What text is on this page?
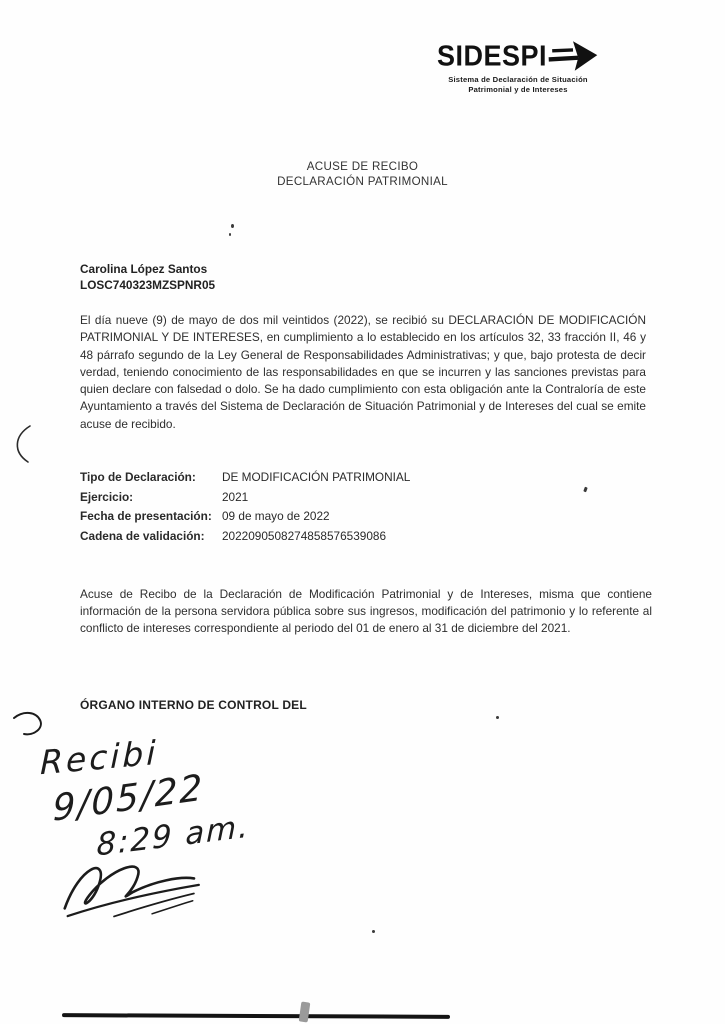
SIDESPI
Sistema de Declaración de Situación
Patrimonial y de Intereses
ACUSE DE RECIBO
DECLARACIÓN PATRIMONIAL
Carolina López Santos
LOSC740323MZSPNR05

El día nueve (9) de mayo de dos mil veintidos (2022), se recibió su DECLARACIÓN DE MODIFICACIÓN PATRIMONIAL Y DE INTERESES, en cumplimiento a lo establecido en los artículos 32, 33 fracción II, 46 y 48 párrafo segundo de la Ley General de Responsabilidades Administrativas; y que, bajo protesta de decir verdad, teniendo conocimiento de las responsabilidades en que se incurren y las sanciones previstas para quien declare con falsedad o dolo. Se ha dado cumplimiento con esta obligación ante la Contraloría de este Ayuntamiento a través del Sistema de Declaración de Situación Patrimonial y de Intereses del cual se emite acuse de recibido.

Tipo de Declaración:	DE MODIFICACIÓN PATRIMONIAL
Ejercicio:	2021
Fecha de presentación: 09 de mayo de 2022
Cadena de validación:	2022090508274858576539086

Acuse de Recibo de la Declaración de Modificación Patrimonial y de Intereses, misma que contiene información de la persona servidora pública sobre sus ingresos, modificación del patrimonio y lo referente al conflicto de intereses correspondiente al periodo del 01 de enero al 31 de diciembre del 2021.

ÓRGANO INTERNO DE CONTROL DEL
Recibi
9/05/22
8:29 am.
